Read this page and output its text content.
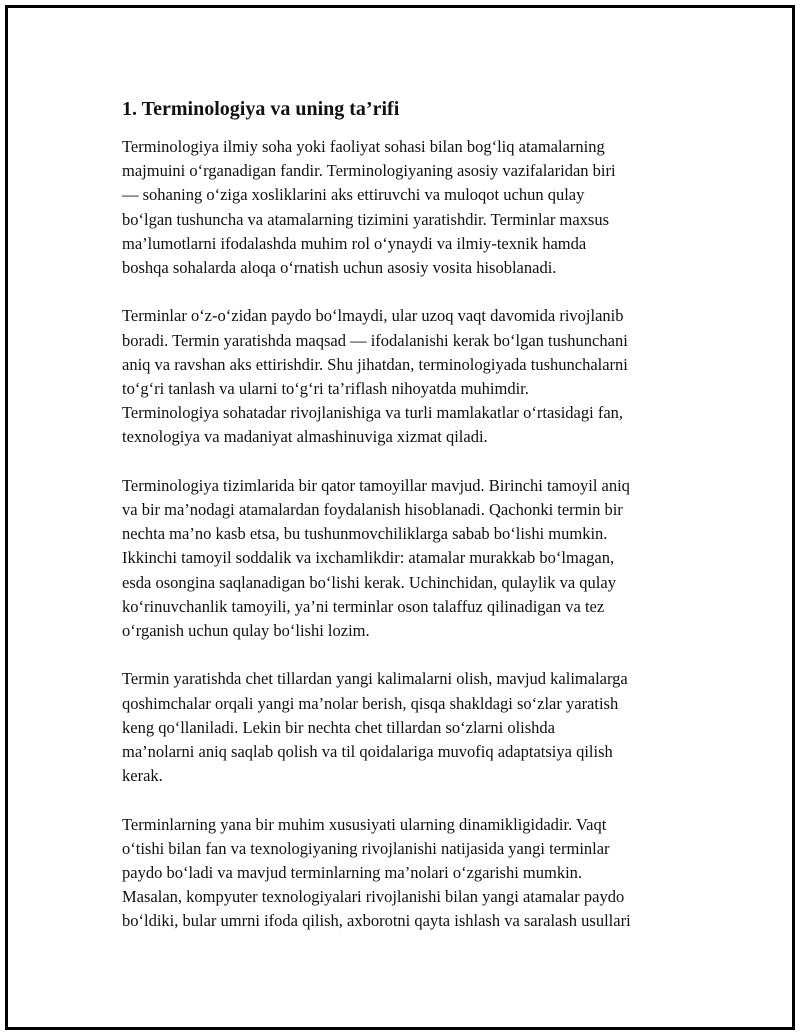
1. Terminologiya va uning ta’rifi

Terminologiya ilmiy soha yoki faoliyat sohasi bilan bog‘liq atamalarning
majmuini o‘rganadigan fandir. Terminologiyaning asosiy vazifalaridan biri
— sohaning o‘ziga xosliklarini aks ettiruvchi va muloqot uchun qulay
bo‘lgan tushuncha va atamalarning tizimini yaratishdir. Terminlar maxsus
ma’lumotlarni ifodalashda muhim rol o‘ynaydi va ilmiy-texnik hamda
boshqa sohalarda aloqa o‘rnatish uchun asosiy vosita hisoblanadi.

Terminlar o‘z-o‘zidan paydo bo‘lmaydi, ular uzoq vaqt davomida rivojlanib
boradi. Termin yaratishda maqsad — ifodalanishi kerak bo‘lgan tushunchani
aniq va ravshan aks ettirishdir. Shu jihatdan, terminologiyada tushunchalarni
to‘g‘ri tanlash va ularni to‘g‘ri ta’riflash nihoyatda muhimdir.
Terminologiya sohatadar rivojlanishiga va turli mamlakatlar o‘rtasidagi fan,
texnologiya va madaniyat almashinuviga xizmat qiladi.

Terminologiya tizimlarida bir qator tamoyillar mavjud. Birinchi tamoyil aniq
va bir ma’nodagi atamalardan foydalanish hisoblanadi. Qachonki termin bir
nechta ma’no kasb etsa, bu tushunmovchiliklarga sabab bo‘lishi mumkin.
Ikkinchi tamoyil soddalik va ixchamlikdir: atamalar murakkab bo‘lmagan,
esda osongina saqlanadigan bo‘lishi kerak. Uchinchidan, qulaylik va qulay
ko‘rinuvchanlik tamoyili, ya’ni terminlar oson talaffuz qilinadigan va tez
o‘rganish uchun qulay bo‘lishi lozim.

Termin yaratishda chet tillardan yangi kalimalarni olish, mavjud kalimalarga
qoshimchalar orqali yangi ma’nolar berish, qisqa shakldagi so‘zlar yaratish
keng qo‘llaniladi. Lekin bir nechta chet tillardan so‘zlarni olishda
ma’nolarni aniq saqlab qolish va til qoidalariga muvofiq adaptatsiya qilish
kerak.

Terminlarning yana bir muhim xususiyati ularning dinamikligidadir. Vaqt
o‘tishi bilan fan va texnologiyaning rivojlanishi natijasida yangi terminlar
paydo bo‘ladi va mavjud terminlarning ma’nolari o‘zgarishi mumkin.
Masalan, kompyuter texnologiyalari rivojlanishi bilan yangi atamalar paydo
bo‘ldiki, bular umrni ifoda qilish, axborotni qayta ishlash va saralash usullari
